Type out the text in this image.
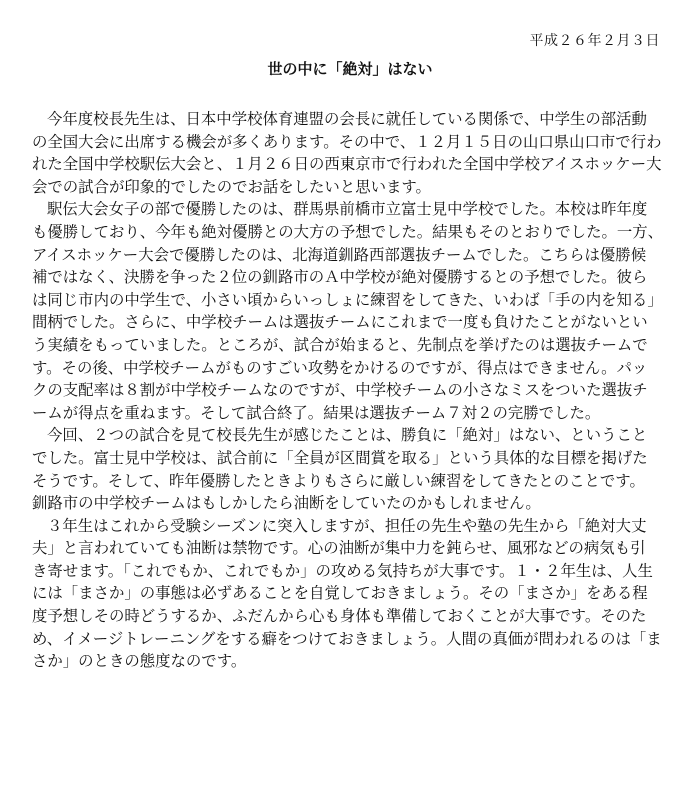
平成２６年２月３日
世の中に「絶対」はない
今年度校長先生は、日本中学校体育連盟の会長に就任している関係で、中学生の部活動
の全国大会に出席する機会が多くあります。その中で、１２月１５日の山口県山口市で行わ
れた全国中学校駅伝大会と、１月２６日の西東京市で行われた全国中学校アイスホッケー大
会での試合が印象的でしたのでお話をしたいと思います。
駅伝大会女子の部で優勝したのは、群馬県前橋市立富士見中学校でした。本校は昨年度
も優勝しており、今年も絶対優勝との大方の予想でした。結果もそのとおりでした。一方、
アイスホッケー大会で優勝したのは、北海道釧路西部選抜チームでした。こちらは優勝候
補ではなく、決勝を争った２位の釧路市のＡ中学校が絶対優勝するとの予想でした。彼ら
は同じ市内の中学生で、小さい頃からいっしょに練習をしてきた、いわば「手の内を知る」
間柄でした。さらに、中学校チームは選抜チームにこれまで一度も負けたことがないとい
う実績をもっていました。ところが、試合が始まると、先制点を挙げたのは選抜チームで
す。その後、中学校チームがものすごい攻勢をかけるのですが、得点はできません。パッ
クの支配率は８割が中学校チームなのですが、中学校チームの小さなミスをついた選抜チ
ームが得点を重ねます。そして試合終了。結果は選抜チーム７対２の完勝でした。
今回、２つの試合を見て校長先生が感じたことは、勝負に「絶対」はない、ということ
でした。富士見中学校は、試合前に「全員が区間賞を取る」という具体的な目標を掲げた
そうです。そして、昨年優勝したときよりもさらに厳しい練習をしてきたとのことです。
釧路市の中学校チームはもしかしたら油断をしていたのかもしれません。
３年生はこれから受験シーズンに突入しますが、担任の先生や塾の先生から「絶対大丈
夫」と言われていても油断は禁物です。心の油断が集中力を鈍らせ、風邪などの病気も引
き寄せます。「これでもか、これでもか」の攻める気持ちが大事です。１・２年生は、人生
には「まさか」の事態は必ずあることを自覚しておきましょう。その「まさか」をある程
度予想しその時どうするか、ふだんから心も身体も準備しておくことが大事です。そのた
め、イメージトレーニングをする癖をつけておきましょう。人間の真価が問われるのは「ま
さか」のときの態度なのです。
